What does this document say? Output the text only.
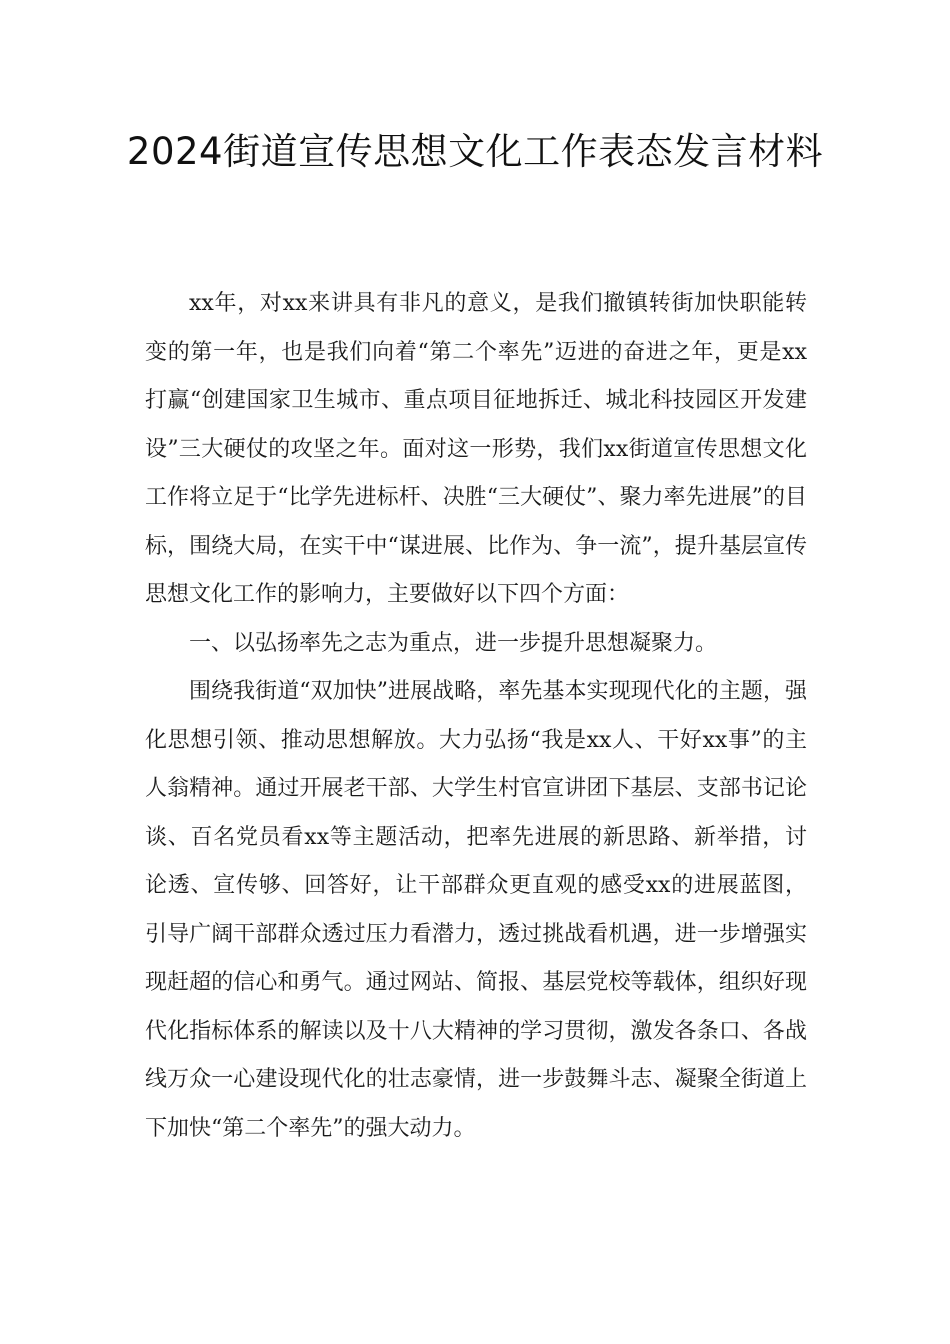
2024街道宣传思想文化工作表态发言材料

xx年，对xx来讲具有非凡的意义，是我们撤镇转街加快职能转变的第一年，也是我们向着“第二个率先”迈进的奋进之年，更是xx打赢“创建国家卫生城市、重点项目征地拆迁、城北科技园区开发建设”三大硬仗的攻坚之年。面对这一形势，我们xx街道宣传思想文化工作将立足于“比学先进标杆、决胜“三大硬仗”、聚力率先进展”的目标，围绕大局，在实干中“谋进展、比作为、争一流”，提升基层宣传思想文化工作的影响力，主要做好以下四个方面：

一、以弘扬率先之志为重点，进一步提升思想凝聚力。

围绕我街道“双加快”进展战略，率先基本实现现代化的主题，强化思想引领、推动思想解放。大力弘扬“我是xx人、干好xx事”的主人翁精神。通过开展老干部、大学生村官宣讲团下基层、支部书记论谈、百名党员看xx等主题活动，把率先进展的新思路、新举措，讨论透、宣传够、回答好，让干部群众更直观的感受xx的进展蓝图，引导广阔干部群众透过压力看潜力，透过挑战看机遇，进一步增强实现赶超的信心和勇气。通过网站、简报、基层党校等载体，组织好现代化指标体系的解读以及十八大精神的学习贯彻，激发各条口、各战线万众一心建设现代化的壮志豪情，进一步鼓舞斗志、凝聚全街道上下加快“第二个率先”的强大动力。
